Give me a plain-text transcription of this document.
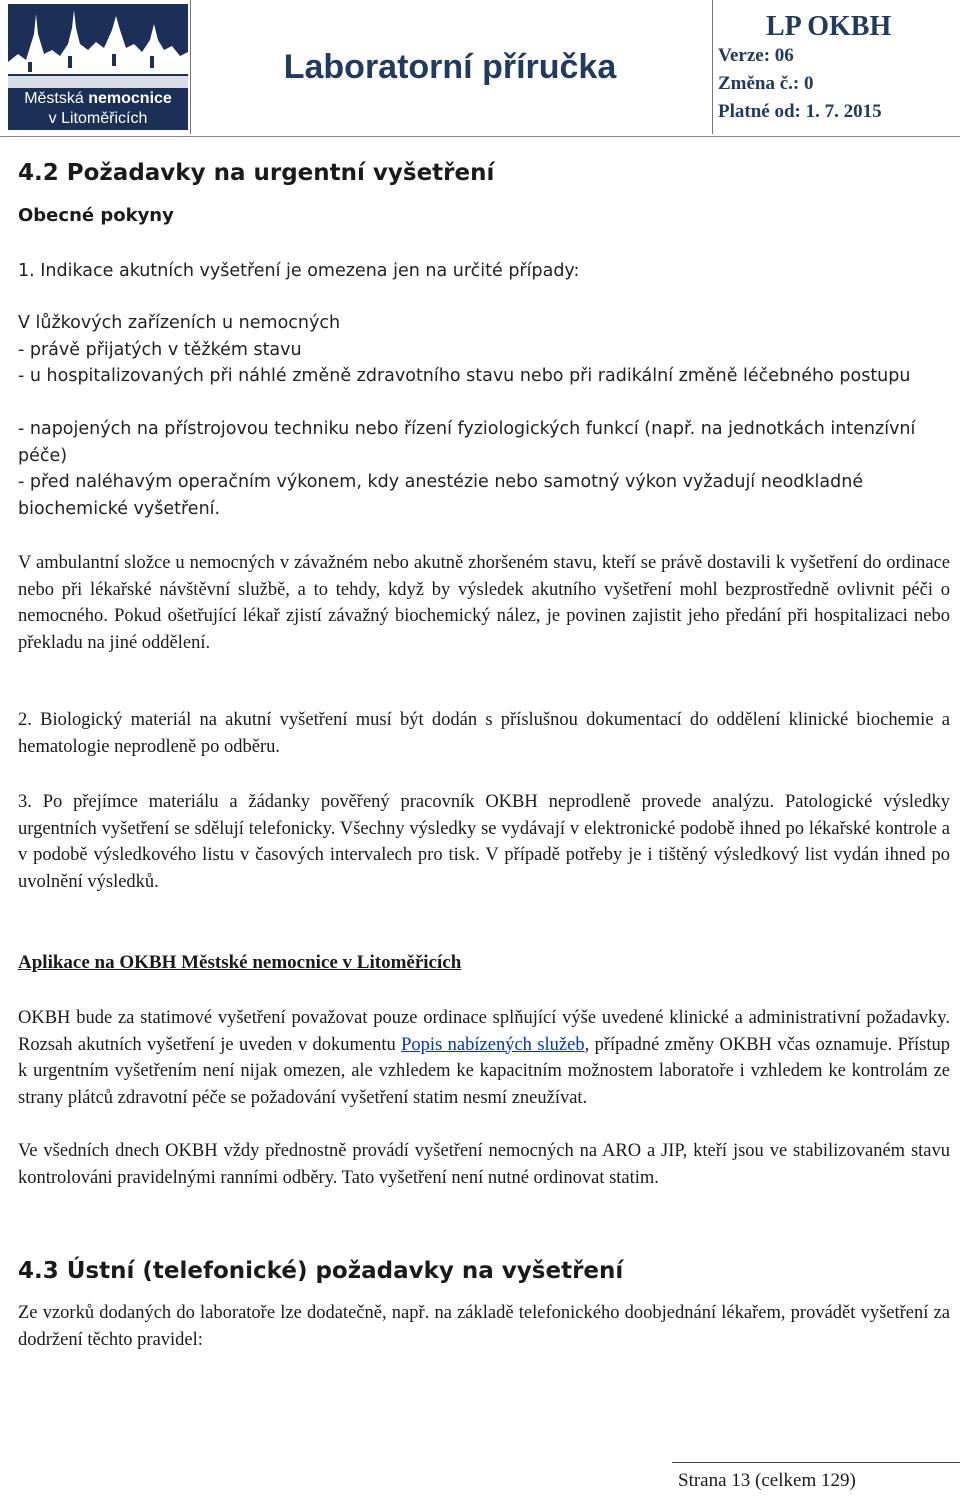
Městská nemocnice
v Litoměřicích
Laboratorní příručka
LP OKBH
Verze: 06
Změna č.: 0
Platné od: 1. 7. 2015
4.2 Požadavky na urgentní vyšetření
Obecné pokyny
1. Indikace akutních vyšetření je omezena jen na určité případy:
V lůžkových zařízeních u nemocných
- právě přijatých v těžkém stavu
- u hospitalizovaných při náhlé změně zdravotního stavu nebo při radikální změně léčebného postupu
- napojených na přístrojovou techniku nebo řízení fyziologických funkcí (např. na jednotkách intenzívní péče)
- před naléhavým operačním výkonem, kdy anestézie nebo samotný výkon vyžadují neodkladné biochemické vyšetření.
V ambulantní složce u nemocných v závažném nebo akutně zhoršeném stavu, kteří se právě dostavili k vyšetření do ordinace nebo při lékařské návštěvní službě, a to tehdy, když by výsledek akutního vyšetření mohl bezprostředně ovlivnit péči o nemocného. Pokud ošetřující lékař zjistí závažný biochemický nález, je povinen zajistit jeho předání při hospitalizaci nebo překladu na jiné oddělení.
2. Biologický materiál na akutní vyšetření musí být dodán s příslušnou dokumentací do oddělení klinické biochemie a hematologie neprodleně po odběru.
3. Po přejímce materiálu a žádanky pověřený pracovník OKBH neprodleně provede analýzu. Patologické výsledky urgentních vyšetření se sdělují telefonicky. Všechny výsledky se vydávají v elektronické podobě ihned po lékařské kontrole a v podobě výsledkového listu v časových intervalech pro tisk. V případě potřeby je i tištěný výsledkový list vydán ihned po uvolnění výsledků.
Aplikace na OKBH Městské nemocnice v Litoměřicích
OKBH bude za statimové vyšetření považovat pouze ordinace splňující výše uvedené klinické a administrativní požadavky. Rozsah akutních vyšetření je uveden v dokumentu Popis nabízených služeb, případné změny OKBH včas oznamuje. Přístup k urgentním vyšetřením není nijak omezen, ale vzhledem ke kapacitním možnostem laboratoře i vzhledem ke kontrolám ze strany plátců zdravotní péče se požadování vyšetření statim nesmí zneužívat.
Ve všedních dnech OKBH vždy přednostně provádí vyšetření nemocných na ARO a JIP, kteří jsou ve stabilizovaném stavu kontrolováni pravidelnými ranními odběry. Tato vyšetření není nutné ordinovat statim.
4.3 Ústní (telefonické) požadavky na vyšetření
Ze vzorků dodaných do laboratoře lze dodatečně, např. na základě telefonického doobjednání lékařem, provádět vyšetření za dodržení těchto pravidel:
Strana 13 (celkem 129)
